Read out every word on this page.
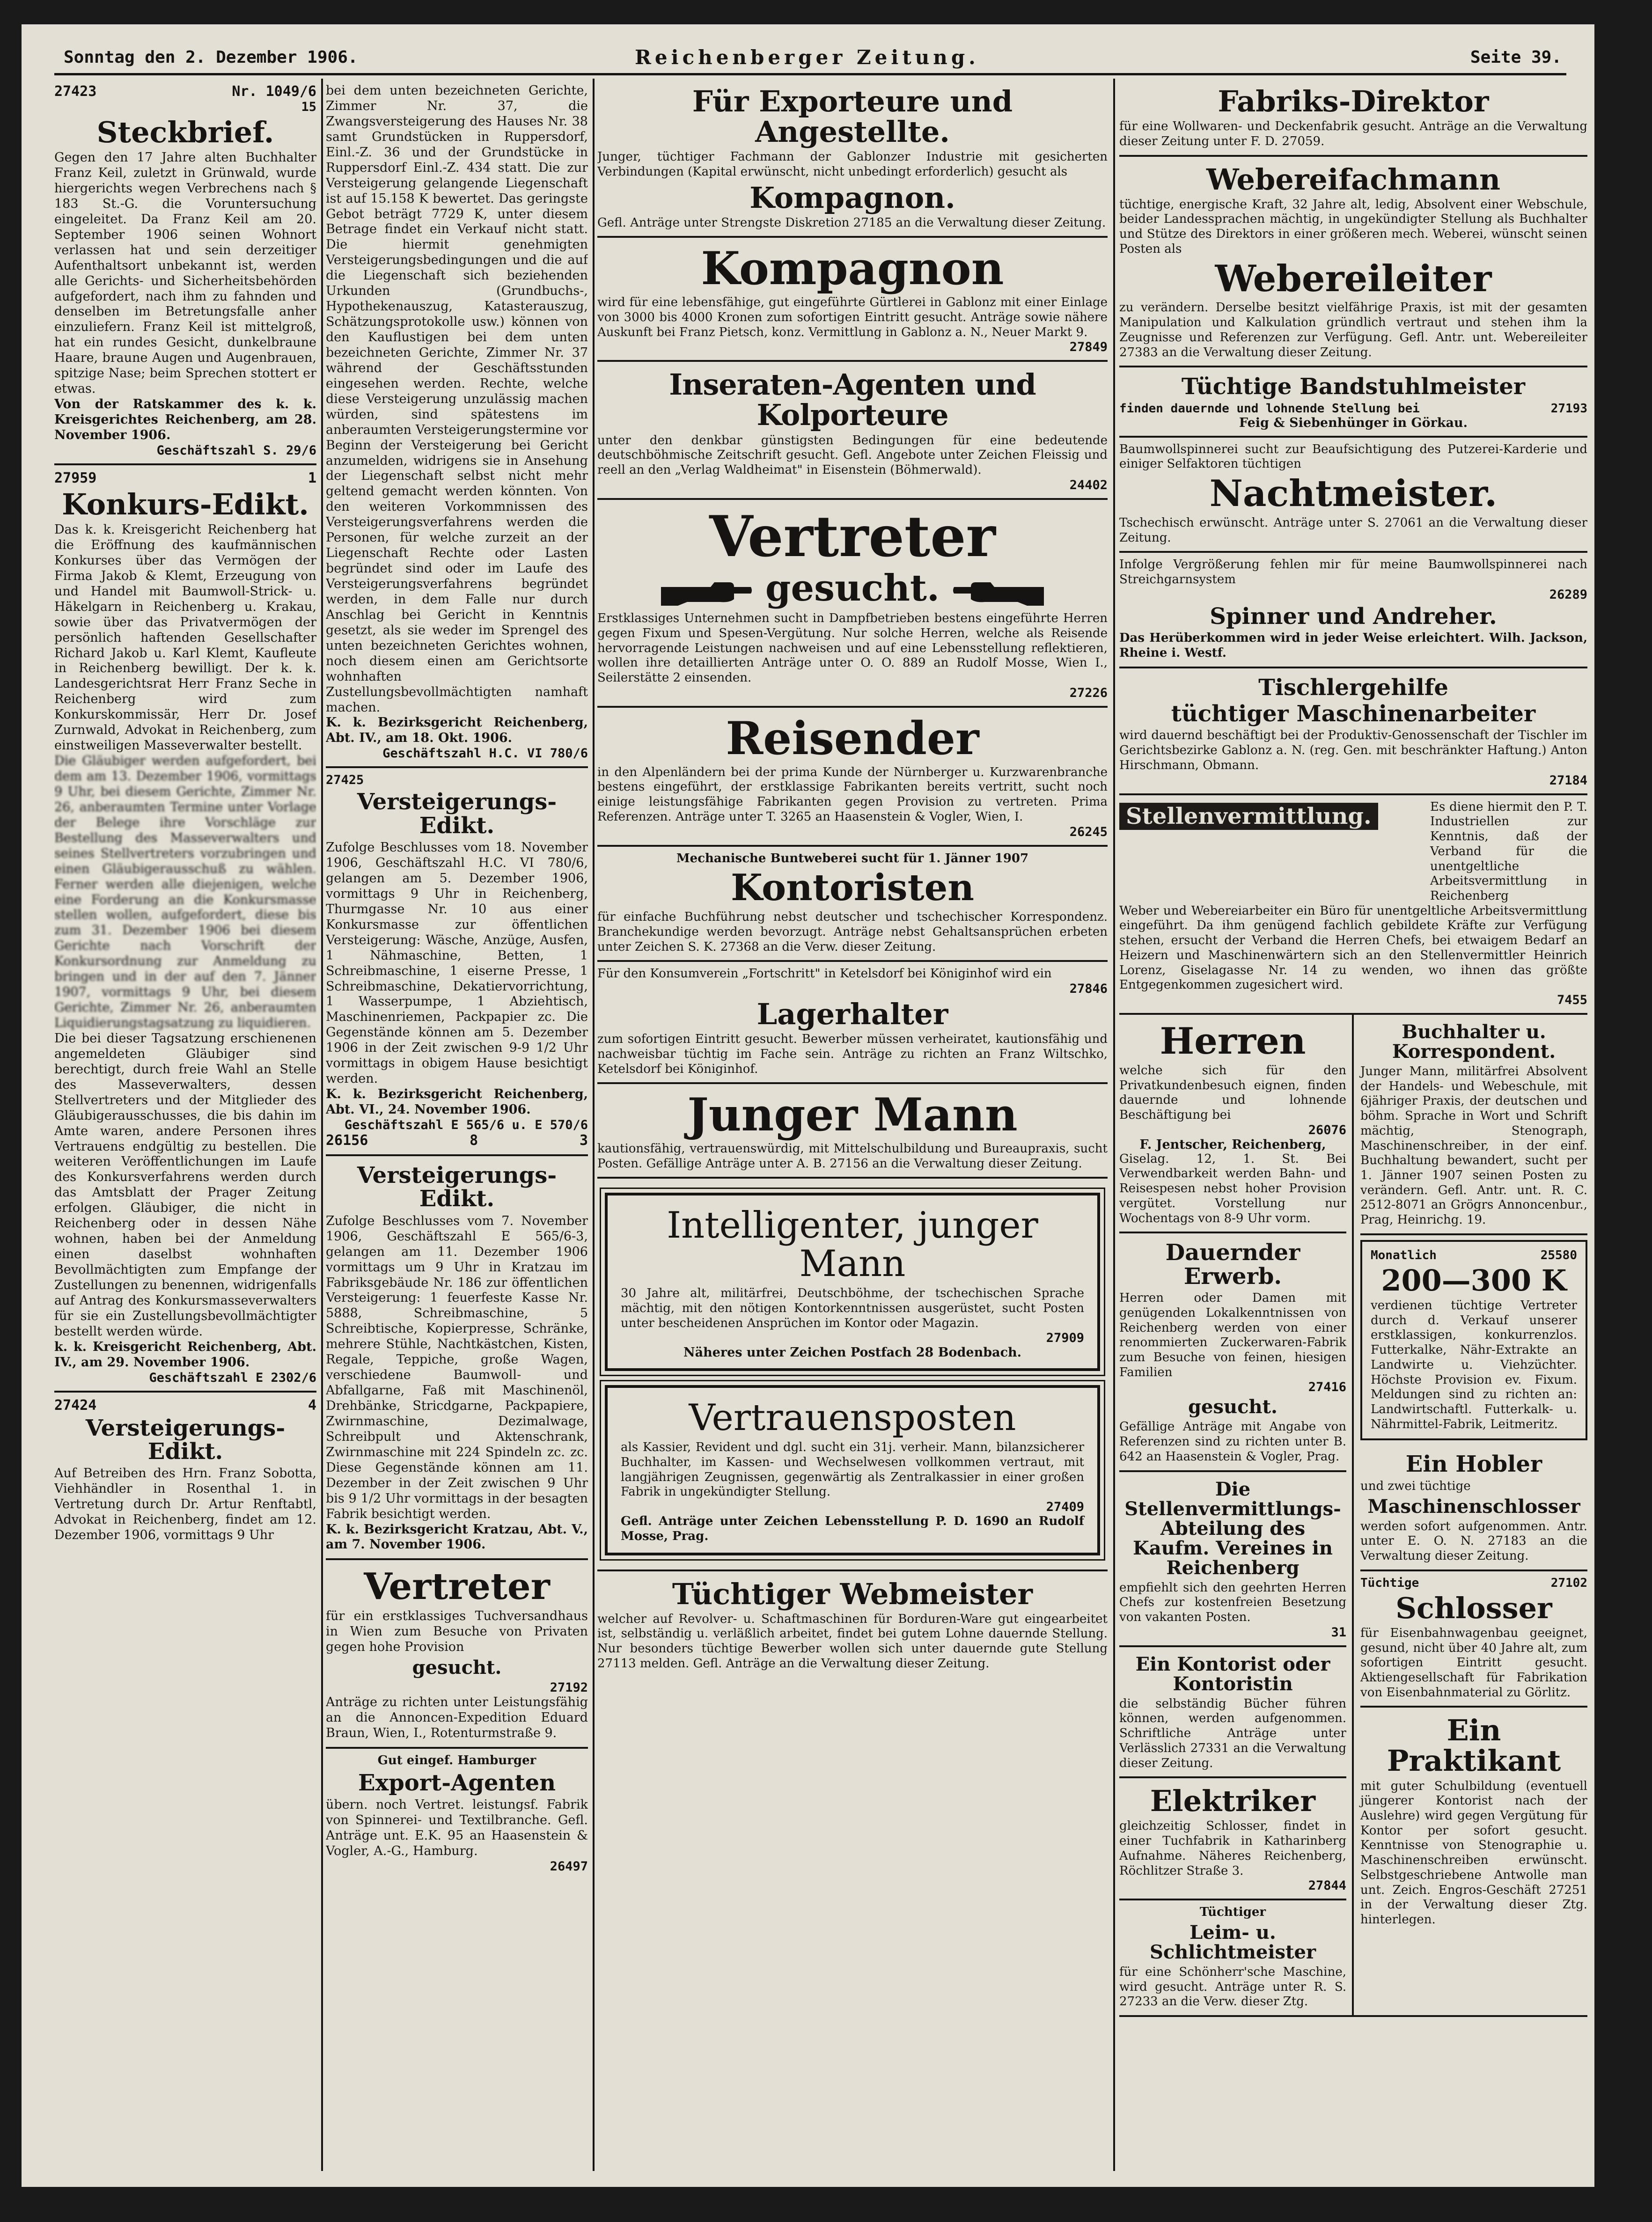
Sonntag den 2. Dezember 1906.	Reichenberger Zeitung.	Seite 39.
27423	Nr. 1049/6
15
Steckbrief.
Gegen den 17 Jahre alten Buchhalter Franz Keil, zuletzt in Grünwald, wurde hiergerichts wegen Verbrechens nach § 183 St.-G. die Voruntersuchung eingeleitet. Da Franz Keil am 20. September 1906 seinen Wohnort verlassen hat und sein derzeitiger Aufenthaltsort unbekannt ist, werden alle Gerichts- und Sicherheitsbehörden aufgefordert, nach ihm zu fahnden und denselben im Betretungsfalle anher einzuliefern. Franz Keil ist mittelgroß, hat ein rundes Gesicht, dunkelbraune Haare, braune Augen und Augenbrauen, spitzige Nase; beim Sprechen stottert er etwas.
Von der Ratskammer des k. k. Kreisgerichtes Reichenberg, am 28. November 1906.
Geschäftszahl S. 29/6
27959	1
Konkurs-Edikt.
Das k. k. Kreisgericht Reichenberg hat die Eröffnung des kaufmännischen Konkurses über das Vermögen der Firma Jakob & Klemt, Erzeugung von und Handel mit Baumwoll-Strick- u. Häkelgarn in Reichenberg u. Krakau, sowie über das Privatvermögen der persönlich haftenden Gesellschafter Richard Jakob u. Karl Klemt, Kaufleute in Reichenberg bewilligt. Der k. k. Landesgerichtsrat Herr Franz Seche in Reichenberg wird zum Konkurskommissär, Herr Dr. Josef Zurnwald, Advokat in Reichenberg, zum einstweiligen Masseverwalter bestellt.
Die Gläubiger werden aufgefordert, bei dem am 13. Dezember 1906, vormittags 9 Uhr, bei diesem Gerichte, Zimmer Nr. 26, anberaumten Termine unter Vorlage der Belege ihre Vorschläge zur Bestellung des Masseverwalters und seines Stellvertreters vorzubringen und einen Gläubigerausschuß zu wählen. Ferner werden alle diejenigen, welche eine Forderung an die Konkursmasse stellen wollen, aufgefordert, diese bis zum 31. Dezember 1906 bei diesem Gerichte nach Vorschrift der Konkursordnung zur Anmeldung zu bringen und in der auf den 7. Jänner 1907, vormittags 9 Uhr, bei diesem Gerichte, Zimmer Nr. 26, anberaumten Liquidierungstagsatzung zu liquidieren.
Die bei dieser Tagsatzung erschienenen angemeldeten Gläubiger sind berechtigt, durch freie Wahl an Stelle des Masseverwalters, dessen Stellvertreters und der Mitglieder des Gläubigerausschusses, die bis dahin im Amte waren, andere Personen ihres Vertrauens endgültig zu bestellen. Die weiteren Veröffentlichungen im Laufe des Konkursverfahrens werden durch das Amtsblatt der Prager Zeitung erfolgen. Gläubiger, die nicht in Reichenberg oder in dessen Nähe wohnen, haben bei der Anmeldung einen daselbst wohnhaften Bevollmächtigten zum Empfange der Zustellungen zu benennen, widrigenfalls auf Antrag des Konkursmasseverwalters für sie ein Zustellungsbevollmächtigter bestellt werden würde.
k. k. Kreisgericht Reichenberg, Abt. IV., am 29. November 1906.
Geschäftszahl E 2302/6
27424	4
Versteigerungs-Edikt.
Auf Betreiben des Hrn. Franz Sobotta, Viehhändler in Rosenthal 1. in Vertretung durch Dr. Artur Renftabtl, Advokat in Reichenberg, findet am 12. Dezember 1906, vormittags 9 Uhr
bei dem unten bezeichneten Gerichte, Zimmer Nr. 37, die Zwangsversteigerung des Hauses Nr. 38 samt Grundstücken in Ruppersdorf, Einl.-Z. 36 und der Grundstücke in Ruppersdorf Einl.-Z. 434 statt. Die zur Versteigerung gelangende Liegenschaft ist auf 15.158 K bewertet. Das geringste Gebot beträgt 7729 K, unter diesem Betrage findet ein Verkauf nicht statt. Die hiermit genehmigten Versteigerungsbedingungen und die auf die Liegenschaft sich beziehenden Urkunden (Grundbuchs-, Hypothekenauszug, Katasterauszug, Schätzungsprotokolle usw.) können von den Kauflustigen bei dem unten bezeichneten Gerichte, Zimmer Nr. 37 während der Geschäftsstunden eingesehen werden. Rechte, welche diese Versteigerung unzulässig machen würden, sind spätestens im anberaumten Versteigerungstermine vor Beginn der Versteigerung bei Gericht anzumelden, widrigens sie in Ansehung der Liegenschaft selbst nicht mehr geltend gemacht werden könnten. Von den weiteren Vorkommnissen des Versteigerungsverfahrens werden die Personen, für welche zurzeit an der Liegenschaft Rechte oder Lasten begründet sind oder im Laufe des Versteigerungsverfahrens begründet werden, in dem Falle nur durch Anschlag bei Gericht in Kenntnis gesetzt, als sie weder im Sprengel des unten bezeichneten Gerichtes wohnen, noch diesem einen am Gerichtsorte wohnhaften Zustellungsbevollmächtigten namhaft machen.
K. k. Bezirksgericht Reichenberg, Abt. IV., am 18. Okt. 1906.
Geschäftszahl H.C. VI 780/6
27425
Versteigerungs-Edikt.
Zufolge Beschlusses vom 18. November 1906, Geschäftszahl H.C. VI 780/6, gelangen am 5. Dezember 1906, vormittags 9 Uhr in Reichenberg, Thurmgasse Nr. 10 aus einer Konkursmasse zur öffentlichen Versteigerung: Wäsche, Anzüge, Ausfen, 1 Nähmaschine, Betten, 1 Schreibmaschine, 1 eiserne Presse, 1 Schreibmaschine, Dekatiervorrichtung, 1 Wasserpumpe, 1 Abziehtisch, Maschinenriemen, Packpapier zc. Die Gegenstände können am 5. Dezember 1906 in der Zeit zwischen 9-9 1/2 Uhr vormittags in obigem Hause besichtigt werden.
K. k. Bezirksgericht Reichenberg, Abt. VI., 24. November 1906.
Geschäftszahl E 565/6 u. E 570/6
26156	8	3
Versteigerungs-Edikt.
Zufolge Beschlusses vom 7. November 1906, Geschäftszahl E 565/6-3, gelangen am 11. Dezember 1906 vormittags um 9 Uhr in Kratzau im Fabriksgebäude Nr. 186 zur öffentlichen Versteigerung: 1 feuerfeste Kasse Nr. 5888, Schreibmaschine, 5 Schreibtische, Kopierpresse, Schränke, mehrere Stühle, Nachtkästchen, Kisten, Regale, Teppiche, große Wagen, verschiedene Baumwoll- und Abfallgarne, Faß mit Maschinenöl, Drehbänke, Stricdgarne, Packpapiere, Zwirnmaschine, Dezimalwage, Schreibpult und Aktenschrank, Zwirnmaschine mit 224 Spindeln zc. zc. Diese Gegenstände können am 11. Dezember in der Zeit zwischen 9 Uhr bis 9 1/2 Uhr vormittags in der besagten Fabrik besichtigt werden.
K. k. Bezirksgericht Kratzau, Abt. V., am 7. November 1906.
Vertreter
für ein erstklassiges Tuchversandhaus in Wien zum Besuche von Privaten gegen hohe Provision
gesucht.
27192
Anträge zu richten unter Leistungsfähig an die Annoncen-Expedition Eduard Braun, Wien, I., Rotenturmstraße 9.
Gut eingef. Hamburger
Export-Agenten
übern. noch Vertret. leistungsf. Fabrik von Spinnerei- und Textilbranche. Gefl. Anträge unt. E.K. 95 an Haasenstein & Vogler, A.-G., Hamburg.
26497
Für Exporteure und Angestellte.
Junger, tüchtiger Fachmann der Gablonzer Industrie mit gesicherten Verbindungen (Kapital erwünscht, nicht unbedingt erforderlich) gesucht als
Kompagnon.
Gefl. Anträge unter Strengste Diskretion 27185 an die Verwaltung dieser Zeitung.
Kompagnon
wird für eine lebensfähige, gut eingeführte Gürtlerei in Gablonz mit einer Einlage von 3000 bis 4000 Kronen zum sofortigen Eintritt gesucht. Anträge sowie nähere Auskunft bei Franz Pietsch, konz. Vermittlung in Gablonz a. N., Neuer Markt 9.
27849
Inseraten-Agenten und Kolporteure
unter den denkbar günstigsten Bedingungen für eine bedeutende deutschböhmische Zeitschrift gesucht. Gefl. Angebote unter Zeichen Fleissig und reell an den „Verlag Waldheimat" in Eisenstein (Böhmerwald).
24402
Vertreter
gesucht.
Erstklassiges Unternehmen sucht in Dampfbetrieben bestens eingeführte Herren gegen Fixum und Spesen-Vergütung. Nur solche Herren, welche als Reisende hervorragende Leistungen nachweisen und auf eine Lebensstellung reflektieren, wollen ihre detaillierten Anträge unter O. O. 889 an Rudolf Mosse, Wien I., Seilerstätte 2 einsenden.
27226
Reisender
in den Alpenländern bei der prima Kunde der Nürnberger u. Kurzwarenbranche bestens eingeführt, der erstklassige Fabrikanten bereits vertritt, sucht noch einige leistungsfähige Fabrikanten gegen Provision zu vertreten. Prima Referenzen. Anträge unter T. 3265 an Haasenstein & Vogler, Wien, I.
26245
Mechanische Buntweberei sucht für 1. Jänner 1907
Kontoristen
für einfache Buchführung nebst deutscher und tschechischer Korrespondenz. Branchekundige werden bevorzugt. Anträge nebst Gehaltsansprüchen erbeten unter Zeichen S. K. 27368 an die Verw. dieser Zeitung.
Für den Konsumverein „Fortschritt" in Ketelsdorf bei Königinhof wird ein
27846
Lagerhalter
zum sofortigen Eintritt gesucht. Bewerber müssen verheiratet, kautionsfähig und nachweisbar tüchtig im Fache sein. Anträge zu richten an Franz Wiltschko, Ketelsdorf bei Königinhof.
Junger Mann
kautionsfähig, vertrauenswürdig, mit Mittelschulbildung und Bureaupraxis, sucht Posten. Gefällige Anträge unter A. B. 27156 an die Verwaltung dieser Zeitung.
Intelligenter, junger Mann
30 Jahre alt, militärfrei, Deutschböhme, der tschechischen Sprache mächtig, mit den nötigen Kontorkenntnissen ausgerüstet, sucht Posten unter bescheidenen Ansprüchen im Kontor oder Magazin.
27909
Näheres unter Zeichen Postfach 28 Bodenbach.
Vertrauensposten
als Kassier, Revident und dgl. sucht ein 31j. verheir. Mann, bilanzsicherer Buchhalter, im Kassen- und Wechselwesen vollkommen vertraut, mit langjährigen Zeugnissen, gegenwärtig als Zentralkassier in einer großen Fabrik in ungekündigter Stellung.
27409
Gefl. Anträge unter Zeichen Lebensstellung P. D. 1690 an Rudolf Mosse, Prag.
Tüchtiger Webmeister
welcher auf Revolver- u. Schaftmaschinen für Borduren-Ware gut eingearbeitet ist, selbständig u. verläßlich arbeitet, findet bei gutem Lohne dauernde Stellung. Nur besonders tüchtige Bewerber wollen sich unter dauernde gute Stellung 27113 melden. Gefl. Anträge an die Verwaltung dieser Zeitung.
Fabriks-Direktor
für eine Wollwaren- und Deckenfabrik gesucht. Anträge an die Verwaltung dieser Zeitung unter F. D. 27059.
Webereifachmann
tüchtige, energische Kraft, 32 Jahre alt, ledig, Absolvent einer Webschule, beider Landessprachen mächtig, in ungekündigter Stellung als Buchhalter und Stütze des Direktors in einer größeren mech. Weberei, wünscht seinen Posten als
Webereileiter
zu verändern. Derselbe besitzt vielfährige Praxis, ist mit der gesamten Manipulation und Kalkulation gründlich vertraut und stehen ihm la Zeugnisse und Referenzen zur Verfügung. Gefl. Antr. unt. Webereileiter 27383 an die Verwaltung dieser Zeitung.
Tüchtige Bandstuhlmeister
finden dauernde und lohnende Stellung bei	27193
Feig & Siebenhünger in Görkau.
Baumwollspinnerei sucht zur Beaufsichtigung des Putzerei-Karderie und einiger Selfaktoren tüchtigen
Nachtmeister.
Tschechisch erwünscht. Anträge unter S. 27061 an die Verwaltung dieser Zeitung.
Infolge Vergrößerung fehlen mir für meine Baumwollspinnerei nach Streichgarnsystem
26289
Spinner und Andreher.
Das Herüberkommen wird in jeder Weise erleichtert. Wilh. Jackson, Rheine i. Westf.
Tischlergehilfe
tüchtiger Maschinenarbeiter
wird dauernd beschäftigt bei der Produktiv-Genossenschaft der Tischler im Gerichtsbezirke Gablonz a. N. (reg. Gen. mit beschränkter Haftung.) Anton Hirschmann, Obmann.
27184
Stellenvermittlung.	Es diene hiermit den P. T. Industriellen zur Kenntnis, daß der Verband für die unentgeltliche Arbeitsvermittlung in Reichenberg
Weber und Webereiarbeiter ein Büro für unentgeltliche Arbeitsvermittlung eingeführt. Da ihm genügend fachlich gebildete Kräfte zur Verfügung stehen, ersucht der Verband die Herren Chefs, bei etwaigem Bedarf an Heizern und Maschinenwärtern sich an den Stellenvermittler Heinrich Lorenz, Giselagasse Nr. 14 zu wenden, wo ihnen das größte Entgegenkommen zugesichert wird.
7455
Herren
welche sich für den Privatkundenbesuch eignen, finden dauernde und lohnende Beschäftigung bei
26076
F. Jentscher, Reichenberg,
Giselag. 12, 1. St. Bei Verwendbarkeit werden Bahn- und Reisespesen nebst hoher Provision vergütet. Vorstellung nur Wochentags von 8-9 Uhr vorm.
Dauernder Erwerb.
Herren oder Damen mit genügenden Lokalkenntnissen von Reichenberg werden von einer renommierten Zuckerwaren-Fabrik zum Besuche von feinen, hiesigen Familien
27416
gesucht.
Gefällige Anträge mit Angabe von Referenzen sind zu richten unter B. 642 an Haasenstein & Vogler, Prag.
Die Stellenvermittlungs-Abteilung des Kaufm. Vereines in Reichenberg
empfiehlt sich den geehrten Herren Chefs zur kostenfreien Besetzung von vakanten Posten.
31
Ein Kontorist oder Kontoristin
die selbständig Bücher führen können, werden aufgenommen. Schriftliche Anträge unter Verlässlich 27331 an die Verwaltung dieser Zeitung.
Elektriker
gleichzeitig Schlosser, findet in einer Tuchfabrik in Katharinberg Aufnahme. Näheres Reichenberg, Röchlitzer Straße 3.
27844
Tüchtiger
Leim- u. Schlichtmeister
für eine Schönherr'sche Maschine, wird gesucht. Anträge unter R. S. 27233 an die Verw. dieser Ztg.
Buchhalter u. Korrespondent.
Junger Mann, militärfrei Absolvent der Handels- und Webeschule, mit 6jähriger Praxis, der deutschen und böhm. Sprache in Wort und Schrift mächtig, Stenograph, Maschinenschreiber, in der einf. Buchhaltung bewandert, sucht per 1. Jänner 1907 seinen Posten zu verändern. Gefl. Antr. unt. R. C. 2512-8071 an Grögrs Annoncenbur., Prag, Heinrichg. 19.
Monatlich	25580
200—300 K
verdienen tüchtige Vertreter durch d. Verkauf unserer erstklassigen, konkurrenzlos. Futterkalke, Nähr-Extrakte an Landwirte u. Viehzüchter. Höchste Provision ev. Fixum. Meldungen sind zu richten an: Landwirtschaftl. Futterkalk- u. Nährmittel-Fabrik, Leitmeritz.
Ein Hobler
und zwei tüchtige
Maschinenschlosser
werden sofort aufgenommen. Antr. unter E. O. N. 27183 an die Verwaltung dieser Zeitung.
Tüchtige	27102
Schlosser
für Eisenbahnwagenbau geeignet, gesund, nicht über 40 Jahre alt, zum sofortigen Eintritt gesucht. Aktiengesellschaft für Fabrikation von Eisenbahnmaterial zu Görlitz.
Ein Praktikant
mit guter Schulbildung (eventuell jüngerer Kontorist nach der Auslehre) wird gegen Vergütung für Kontor per sofort gesucht. Kenntnisse von Stenographie u. Maschinenschreiben erwünscht. Selbstgeschriebene Antwolle man unt. Zeich. Engros-Geschäft 27251 in der Verwaltung dieser Ztg. hinterlegen.
